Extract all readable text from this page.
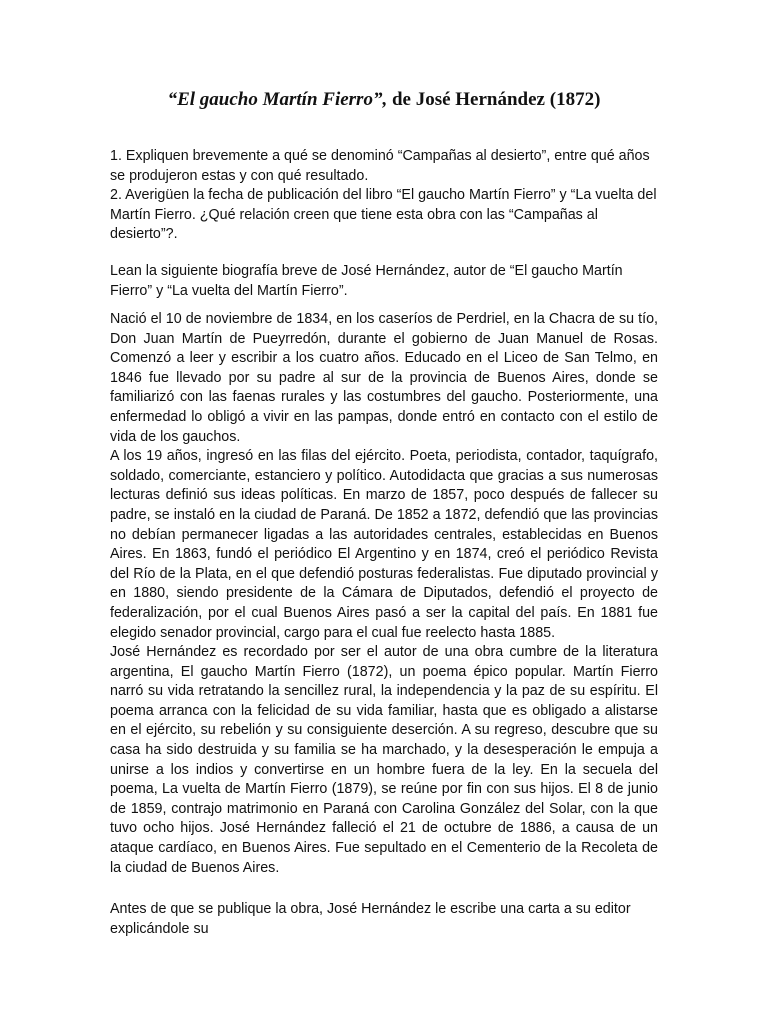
“El gaucho Martín Fierro”, de José Hernández (1872)

1. Expliquen brevemente a qué se denominó “Campañas al desierto”, entre qué años se produjeron estas y con qué resultado.

2. Averigüen la fecha de publicación del libro “El gaucho Martín Fierro” y “La vuelta del Martín Fierro. ¿Qué relación creen que tiene esta obra con las “Campañas al desierto”?.

Lean la siguiente biografía breve de José Hernández, autor de “El gaucho Martín Fierro” y “La vuelta del Martín Fierro”.

Nació el 10 de noviembre de 1834, en los caseríos de Perdriel, en la Chacra de su tío, Don Juan Martín de Pueyrredón, durante el gobierno de Juan Manuel de Rosas. Comenzó a leer y escribir a los cuatro años. Educado en el Liceo de San Telmo, en 1846 fue llevado por su padre al sur de la provincia de Buenos Aires, donde se familiarizó con las faenas rurales y las costumbres del gaucho. Posteriormente, una enfermedad lo obligó a vivir en las pampas, donde entró en contacto con el estilo de vida de los gauchos.

A los 19 años, ingresó en las filas del ejército. Poeta, periodista, contador, taquígrafo, soldado, comerciante, estanciero y político. Autodidacta que gracias a sus numerosas lecturas definió sus ideas políticas. En marzo de 1857, poco después de fallecer su padre, se instaló en la ciudad de Paraná. De 1852 a 1872, defendió que las provincias no debían permanecer ligadas a las autoridades centrales, establecidas en Buenos Aires. En 1863, fundó el periódico El Argentino y en 1874, creó el periódico Revista del Río de la Plata, en el que defendió posturas federalistas. Fue diputado provincial y en 1880, siendo presidente de la Cámara de Diputados, defendió el proyecto de federalización, por el cual Buenos Aires pasó a ser la capital del país. En 1881 fue elegido senador provincial, cargo para el cual fue reelecto hasta 1885.

José Hernández es recordado por ser el autor de una obra cumbre de la literatura argentina, El gaucho Martín Fierro (1872), un poema épico popular. Martín Fierro narró su vida retratando la sencillez rural, la independencia y la paz de su espíritu. El poema arranca con la felicidad de su vida familiar, hasta que es obligado a alistarse en el ejército, su rebelión y su consiguiente deserción. A su regreso, descubre que su casa ha sido destruida y su familia se ha marchado, y la desesperación le empuja a unirse a los indios y convertirse en un hombre fuera de la ley. En la secuela del poema, La vuelta de Martín Fierro (1879), se reúne por fin con sus hijos. El 8 de junio de 1859, contrajo matrimonio en Paraná con Carolina González del Solar, con la que tuvo ocho hijos. José Hernández falleció el 21 de octubre de 1886, a causa de un ataque cardíaco, en Buenos Aires. Fue sepultado en el Cementerio de la Recoleta de la ciudad de Buenos Aires.

Antes de que se publique la obra, José Hernández le escribe una carta a su editor explicándole su
